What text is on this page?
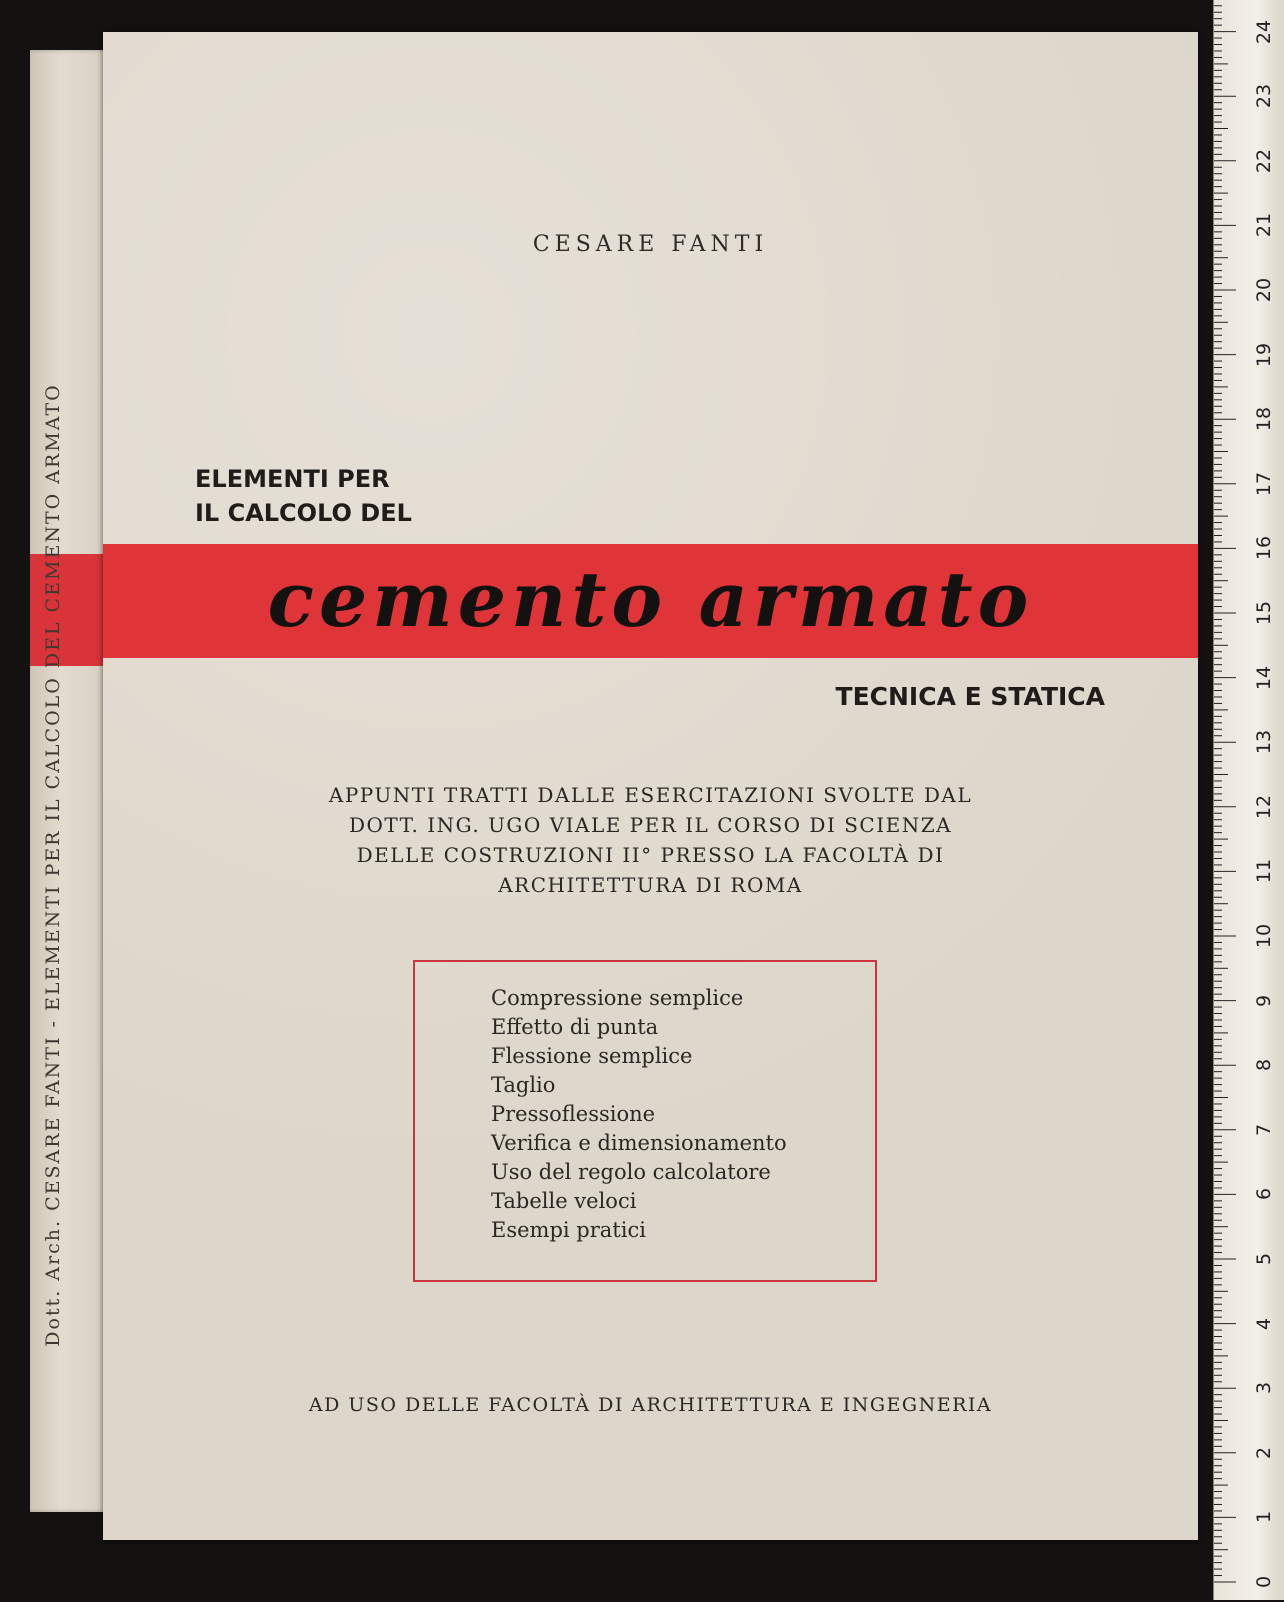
Dott. Arch. CESARE FANTI - ELEMENTI PER IL CALCOLO DEL CEMENTO ARMATO
CESARE FANTI
ELEMENTI PER
IL CALCOLO DEL
cemento armato
TECNICA E STATICA
APPUNTI TRATTI DALLE ESERCITAZIONI SVOLTE DAL
DOTT. ING. UGO VIALE PER IL CORSO DI SCIENZA
DELLE COSTRUZIONI II° PRESSO LA FACOLTÀ DI
ARCHITETTURA DI ROMA
Compressione semplice
Effetto di punta
Flessione semplice
Taglio
Pressoflessione
Verifica e dimensionamento
Uso del regolo calcolatore
Tabelle veloci
Esempi pratici
AD USO DELLE FACOLTÀ DI ARCHITETTURA E INGEGNERIA
0
1
2
3
4
5
6
7
8
9
10
11
12
13
14
15
16
17
18
19
20
21
22
23
24
